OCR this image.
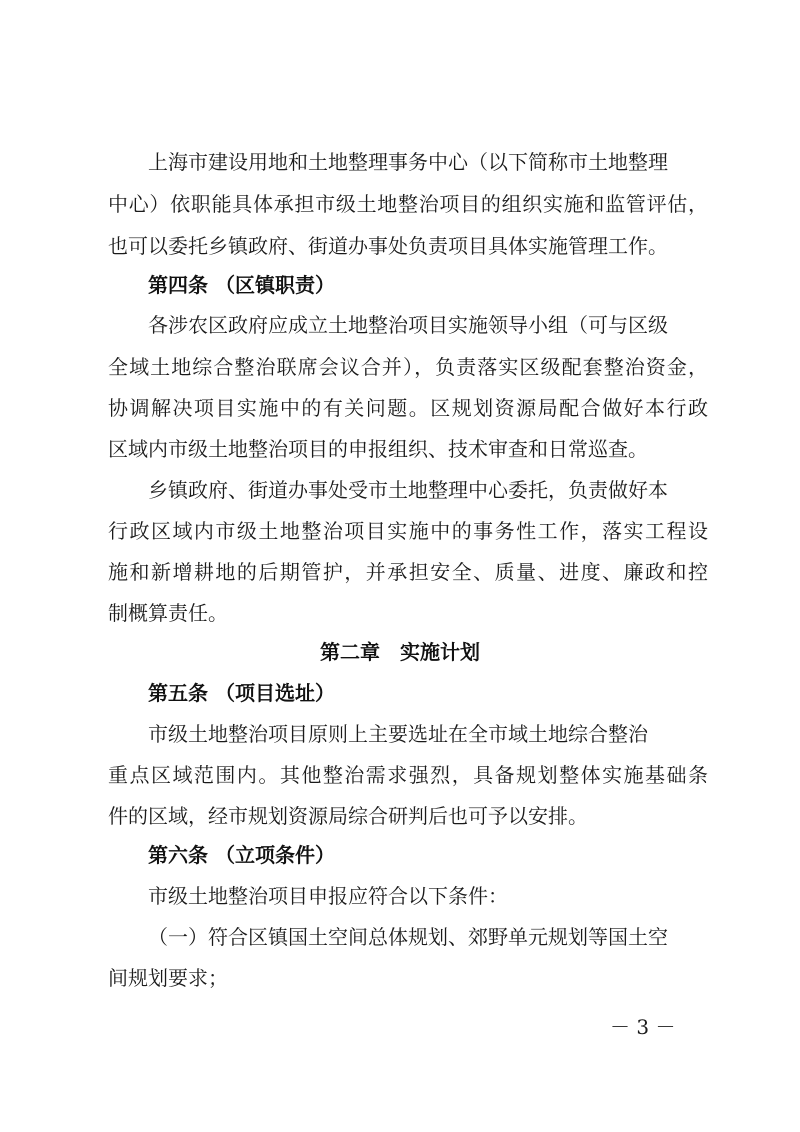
上海市建设用地和土地整理事务中心（以下简称市土地整理
中心）依职能具体承担市级土地整治项目的组织实施和监管评估，
也可以委托乡镇政府、街道办事处负责项目具体实施管理工作。
第四条 （区镇职责）
各涉农区政府应成立土地整治项目实施领导小组（可与区级
全域土地综合整治联席会议合并），负责落实区级配套整治资金，
协调解决项目实施中的有关问题。区规划资源局配合做好本行政
区域内市级土地整治项目的申报组织、技术审查和日常巡查。
乡镇政府、街道办事处受市土地整理中心委托，负责做好本
行政区域内市级土地整治项目实施中的事务性工作，落实工程设
施和新增耕地的后期管护，并承担安全、质量、进度、廉政和控
制概算责任。
第二章　实施计划
第五条 （项目选址）
市级土地整治项目原则上主要选址在全市域土地综合整治
重点区域范围内。其他整治需求强烈，具备规划整体实施基础条
件的区域，经市规划资源局综合研判后也可予以安排。
第六条 （立项条件）
市级土地整治项目申报应符合以下条件：
（一）符合区镇国土空间总体规划、郊野单元规划等国土空
间规划要求；
－ 3 －
